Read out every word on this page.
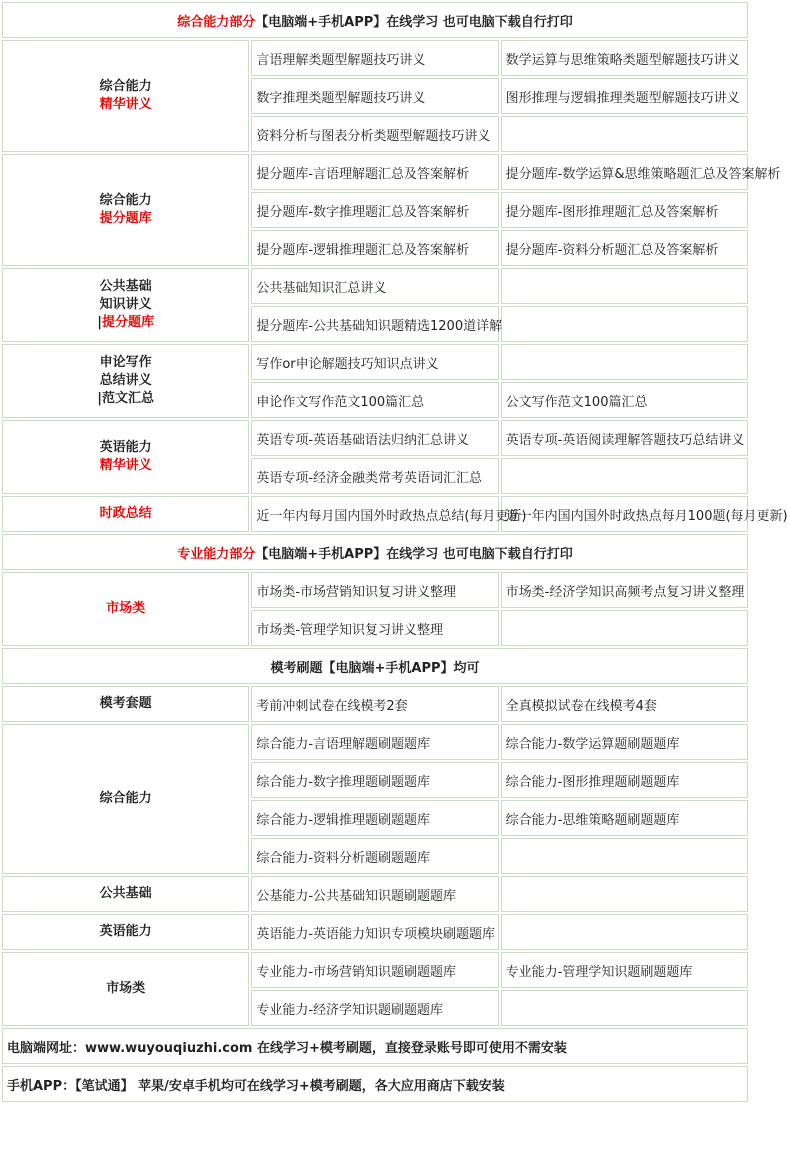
综合能力部分【电脑端+手机APP】在线学习 也可电脑下载自行打印		
综合能力
精华讲义	言语理解类题型解题技巧讲义	数学运算与思维策略类题型解题技巧讲义
	数字推理类题型解题技巧讲义	图形推理与逻辑推理类题型解题技巧讲义
	资料分析与图表分析类题型解题技巧讲义	
综合能力
提分题库	提分题库-言语理解题汇总及答案解析	提分题库-数学运算&思维策略题汇总及答案解析
	提分题库-数字推理题汇总及答案解析	提分题库-图形推理题汇总及答案解析
	提分题库-逻辑推理题汇总及答案解析	提分题库-资料分析题汇总及答案解析
公共基础
知识讲义
|提分题库	公共基础知识汇总讲义	
	提分题库-公共基础知识题精选1200道详解	
申论写作
总结讲义
|范文汇总	写作or申论解题技巧知识点讲义	
	申论作文写作范文100篇汇总	公文写作范文100篇汇总
英语能力
精华讲义	英语专项-英语基础语法归纳汇总讲义	英语专项-英语阅读理解答题技巧总结讲义
	英语专项-经济金融类常考英语词汇汇总	
时政总结	近一年内每月国内国外时政热点总结(每月更新)	近一年内国内国外时政热点每月100题(每月更新)
专业能力部分【电脑端+手机APP】在线学习 也可电脑下载自行打印		
市场类	市场类-市场营销知识复习讲义整理	市场类-经济学知识高频考点复习讲义整理
	市场类-管理学知识复习讲义整理	
模考刷题【电脑端+手机APP】均可		
模考套题	考前冲刺试卷在线模考2套	全真模拟试卷在线模考4套
综合能力	综合能力-言语理解题刷题题库	综合能力-数学运算题刷题题库
	综合能力-数字推理题刷题题库	综合能力-图形推理题刷题题库
	综合能力-逻辑推理题刷题题库	综合能力-思维策略题刷题题库
	综合能力-资料分析题刷题题库	
公共基础	公基能力-公共基础知识题刷题题库	
英语能力	英语能力-英语能力知识专项模块刷题题库	
市场类	专业能力-市场营销知识题刷题题库	专业能力-管理学知识题刷题题库
	专业能力-经济学知识题刷题题库	
电脑端网址：www.wuyouqiuzhi.com 在线学习+模考刷题，直接登录账号即可使用不需安装		
手机APP：【笔试通】 苹果/安卓手机均可在线学习+模考刷题，各大应用商店下载安装		
